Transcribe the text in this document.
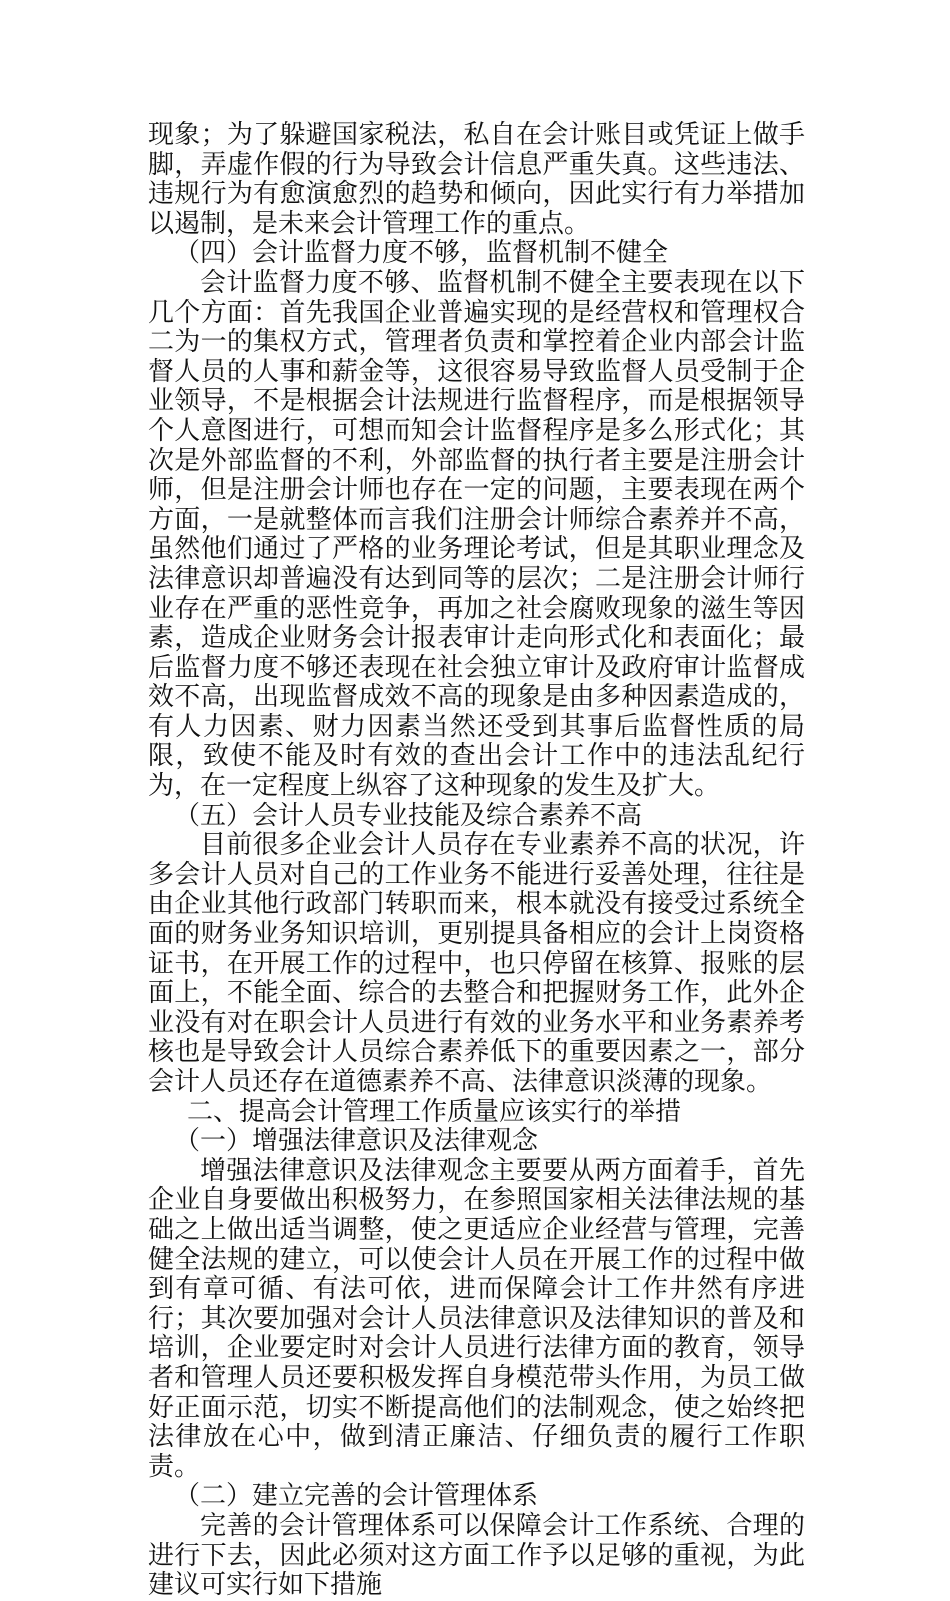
现象；为了躲避国家税法，私自在会计账目或凭证上做手脚，弄虚作假的行为导致会计信息严重失真。这些违法、违规行为有愈演愈烈的趋势和倾向，因此实行有力举措加以遏制，是未来会计管理工作的重点。

（四）会计监督力度不够，监督机制不健全

会计监督力度不够、监督机制不健全主要表现在以下几个方面：首先我国企业普遍实现的是经营权和管理权合二为一的集权方式，管理者负责和掌控着企业内部会计监督人员的人事和薪金等，这很容易导致监督人员受制于企业领导，不是根据会计法规进行监督程序，而是根据领导个人意图进行，可想而知会计监督程序是多么形式化；其次是外部监督的不利，外部监督的执行者主要是注册会计师，但是注册会计师也存在一定的问题，主要表现在两个方面，一是就整体而言我们注册会计师综合素养并不高，虽然他们通过了严格的业务理论考试，但是其职业理念及法律意识却普遍没有达到同等的层次；二是注册会计师行业存在严重的恶性竞争，再加之社会腐败现象的滋生等因素，造成企业财务会计报表审计走向形式化和表面化；最后监督力度不够还表现在社会独立审计及政府审计监督成效不高，出现监督成效不高的现象是由多种因素造成的，有人力因素、财力因素当然还受到其事后监督性质的局限，致使不能及时有效的查出会计工作中的违法乱纪行为，在一定程度上纵容了这种现象的发生及扩大。

（五）会计人员专业技能及综合素养不高

目前很多企业会计人员存在专业素养不高的状况，许多会计人员对自己的工作业务不能进行妥善处理，往往是由企业其他行政部门转职而来，根本就没有接受过系统全面的财务业务知识培训，更别提具备相应的会计上岗资格证书，在开展工作的过程中，也只停留在核算、报账的层面上，不能全面、综合的去整合和把握财务工作，此外企业没有对在职会计人员进行有效的业务水平和业务素养考核也是导致会计人员综合素养低下的重要因素之一，部分会计人员还存在道德素养不高、法律意识淡薄的现象。

二、提高会计管理工作质量应该实行的举措

（一）增强法律意识及法律观念

增强法律意识及法律观念主要要从两方面着手，首先企业自身要做出积极努力，在参照国家相关法律法规的基础之上做出适当调整，使之更适应企业经营与管理，完善健全法规的建立，可以使会计人员在开展工作的过程中做到有章可循、有法可依，进而保障会计工作井然有序进行；其次要加强对会计人员法律意识及法律知识的普及和培训，企业要定时对会计人员进行法律方面的教育，领导者和管理人员还要积极发挥自身模范带头作用，为员工做好正面示范，切实不断提高他们的法制观念，使之始终把法律放在心中，做到清正廉洁、仔细负责的履行工作职责。

（二）建立完善的会计管理体系

完善的会计管理体系可以保障会计工作系统、合理的进行下去，因此必须对这方面工作予以足够的重视，为此建议可实行如下措施
